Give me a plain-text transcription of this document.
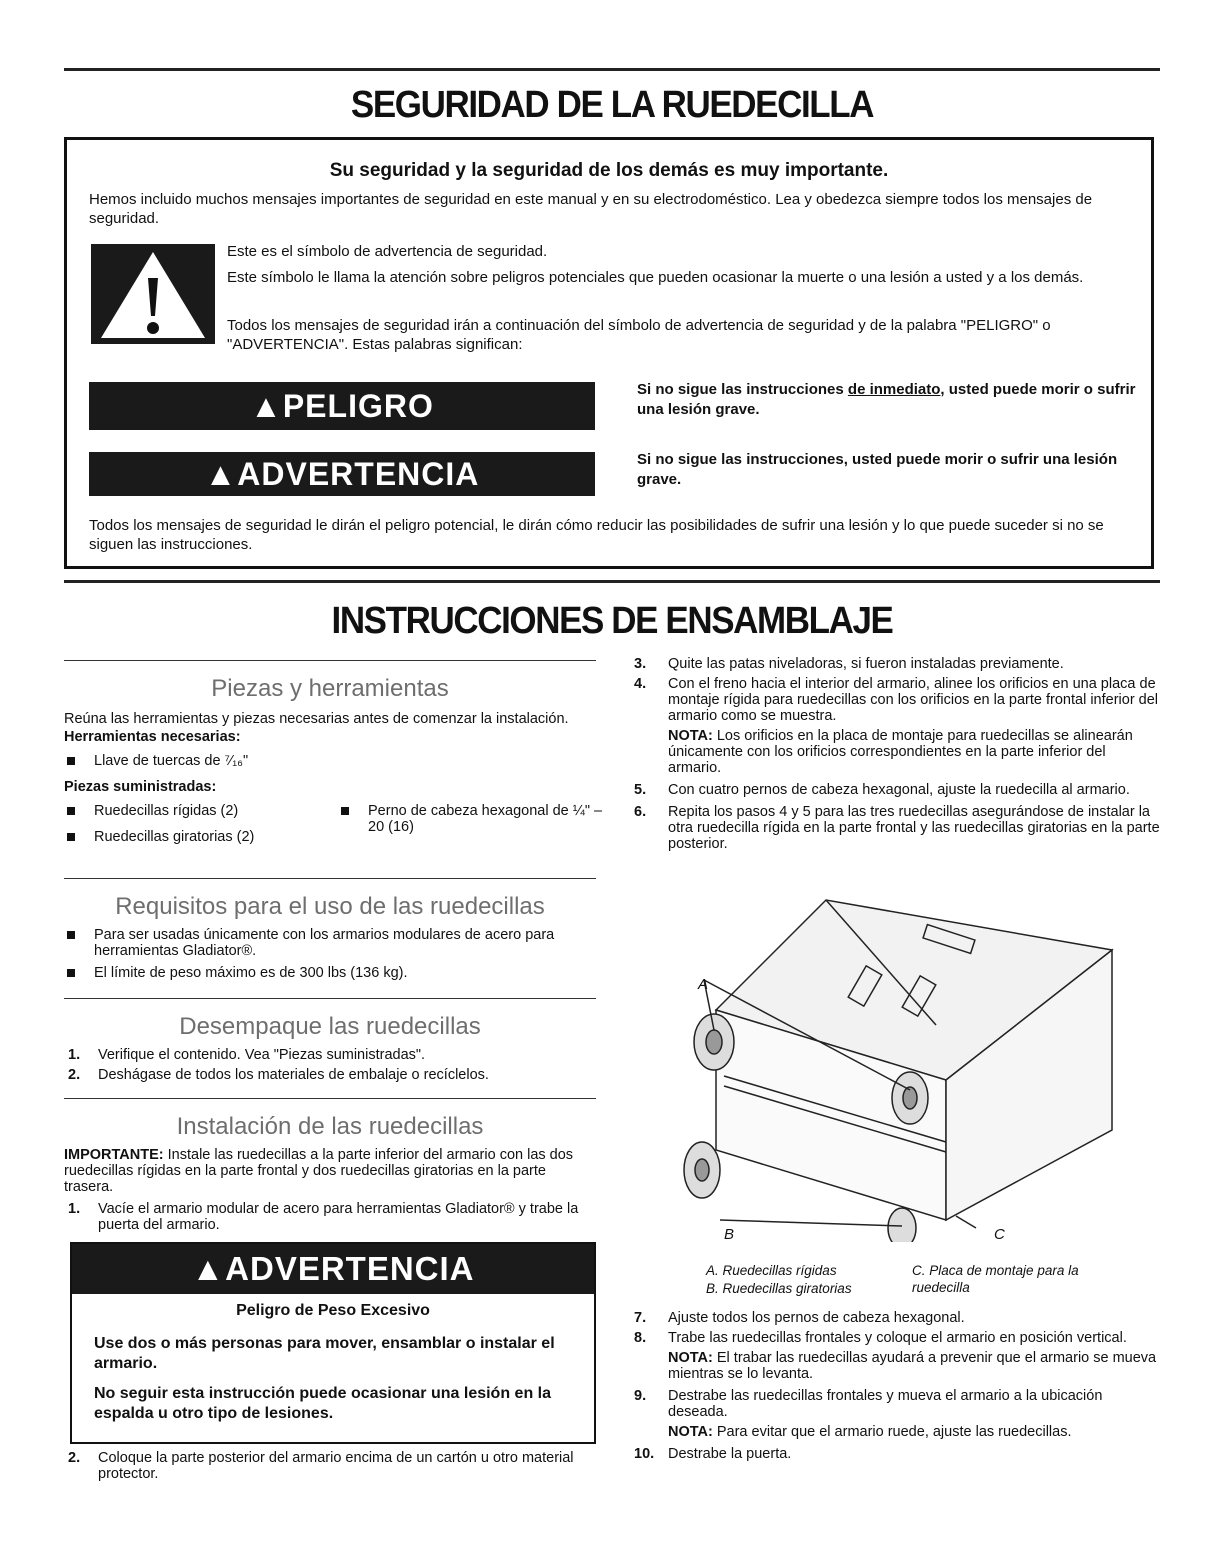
SEGURIDAD DE LA RUEDECILLA
Su seguridad y la seguridad de los demás es muy importante.
Hemos incluido muchos mensajes importantes de seguridad en este manual y en su electrodoméstico. Lea y obedezca siempre todos los mensajes de seguridad.
Este es el símbolo de advertencia de seguridad.
Este símbolo le llama la atención sobre peligros potenciales que pueden ocasionar la muerte o una lesión a usted y a los demás.
Todos los mensajes de seguridad irán a continuación del símbolo de advertencia de seguridad y de la palabra "PELIGRO" o "ADVERTENCIA". Estas palabras significan:
▲PELIGRO	Si no sigue las instrucciones de inmediato, usted puede morir o sufrir una lesión grave.
▲ADVERTENCIA	Si no sigue las instrucciones, usted puede morir o sufrir una lesión grave.
Todos los mensajes de seguridad le dirán el peligro potencial, le dirán cómo reducir las posibilidades de sufrir una lesión y lo que puede suceder si no se siguen las instrucciones.
INSTRUCCIONES DE ENSAMBLAJE
Piezas y herramientas
Reúna las herramientas y piezas necesarias antes de comenzar la instalación.
Herramientas necesarias:
Llave de tuercas de ⁷⁄₁₆"
Piezas suministradas:
Ruedecillas rígidas (2)
Ruedecillas giratorias (2)
Perno de cabeza hexagonal de ¼" – 20 (16)
Requisitos para el uso de las ruedecillas
Para ser usadas únicamente con los armarios modulares de acero para herramientas Gladiator®.
El límite de peso máximo es de 300 lbs (136 kg).
Desempaque las ruedecillas
1. Verifique el contenido. Vea "Piezas suministradas".
2. Deshágase de todos los materiales de embalaje o recíclelos.
Instalación de las ruedecillas
IMPORTANTE: Instale las ruedecillas a la parte inferior del armario con las dos ruedecillas rígidas en la parte frontal y dos ruedecillas giratorias en la parte trasera.
1. Vacíe el armario modular de acero para herramientas Gladiator® y trabe la puerta del armario.
▲ADVERTENCIA
Peligro de Peso Excesivo
Use dos o más personas para mover, ensamblar o instalar el armario.
No seguir esta instrucción puede ocasionar una lesión en la espalda u otro tipo de lesiones.
2. Coloque la parte posterior del armario encima de un cartón u otro material protector.
3. Quite las patas niveladoras, si fueron instaladas previamente.
4. Con el freno hacia el interior del armario, alinee los orificios en una placa de montaje rígida para ruedecillas con los orificios en la parte frontal inferior del armario como se muestra.
NOTA: Los orificios en la placa de montaje para ruedecillas se alinearán únicamente con los orificios correspondientes en la parte inferior del armario.
5. Con cuatro pernos de cabeza hexagonal, ajuste la ruedecilla al armario.
6. Repita los pasos 4 y 5 para las tres ruedecillas asegurándose de instalar la otra ruedecilla rígida en la parte frontal y las ruedecillas giratorias en la parte posterior.
A
B	C
A. Ruedecillas rígidas
B. Ruedecillas giratorias
C. Placa de montaje para la ruedecilla
7. Ajuste todos los pernos de cabeza hexagonal.
8. Trabe las ruedecillas frontales y coloque el armario en posición vertical.
NOTA: El trabar las ruedecillas ayudará a prevenir que el armario se mueva mientras se lo levanta.
9. Destrabe las ruedecillas frontales y mueva el armario a la ubicación deseada.
NOTA: Para evitar que el armario ruede, ajuste las ruedecillas.
10. Destrabe la puerta.
